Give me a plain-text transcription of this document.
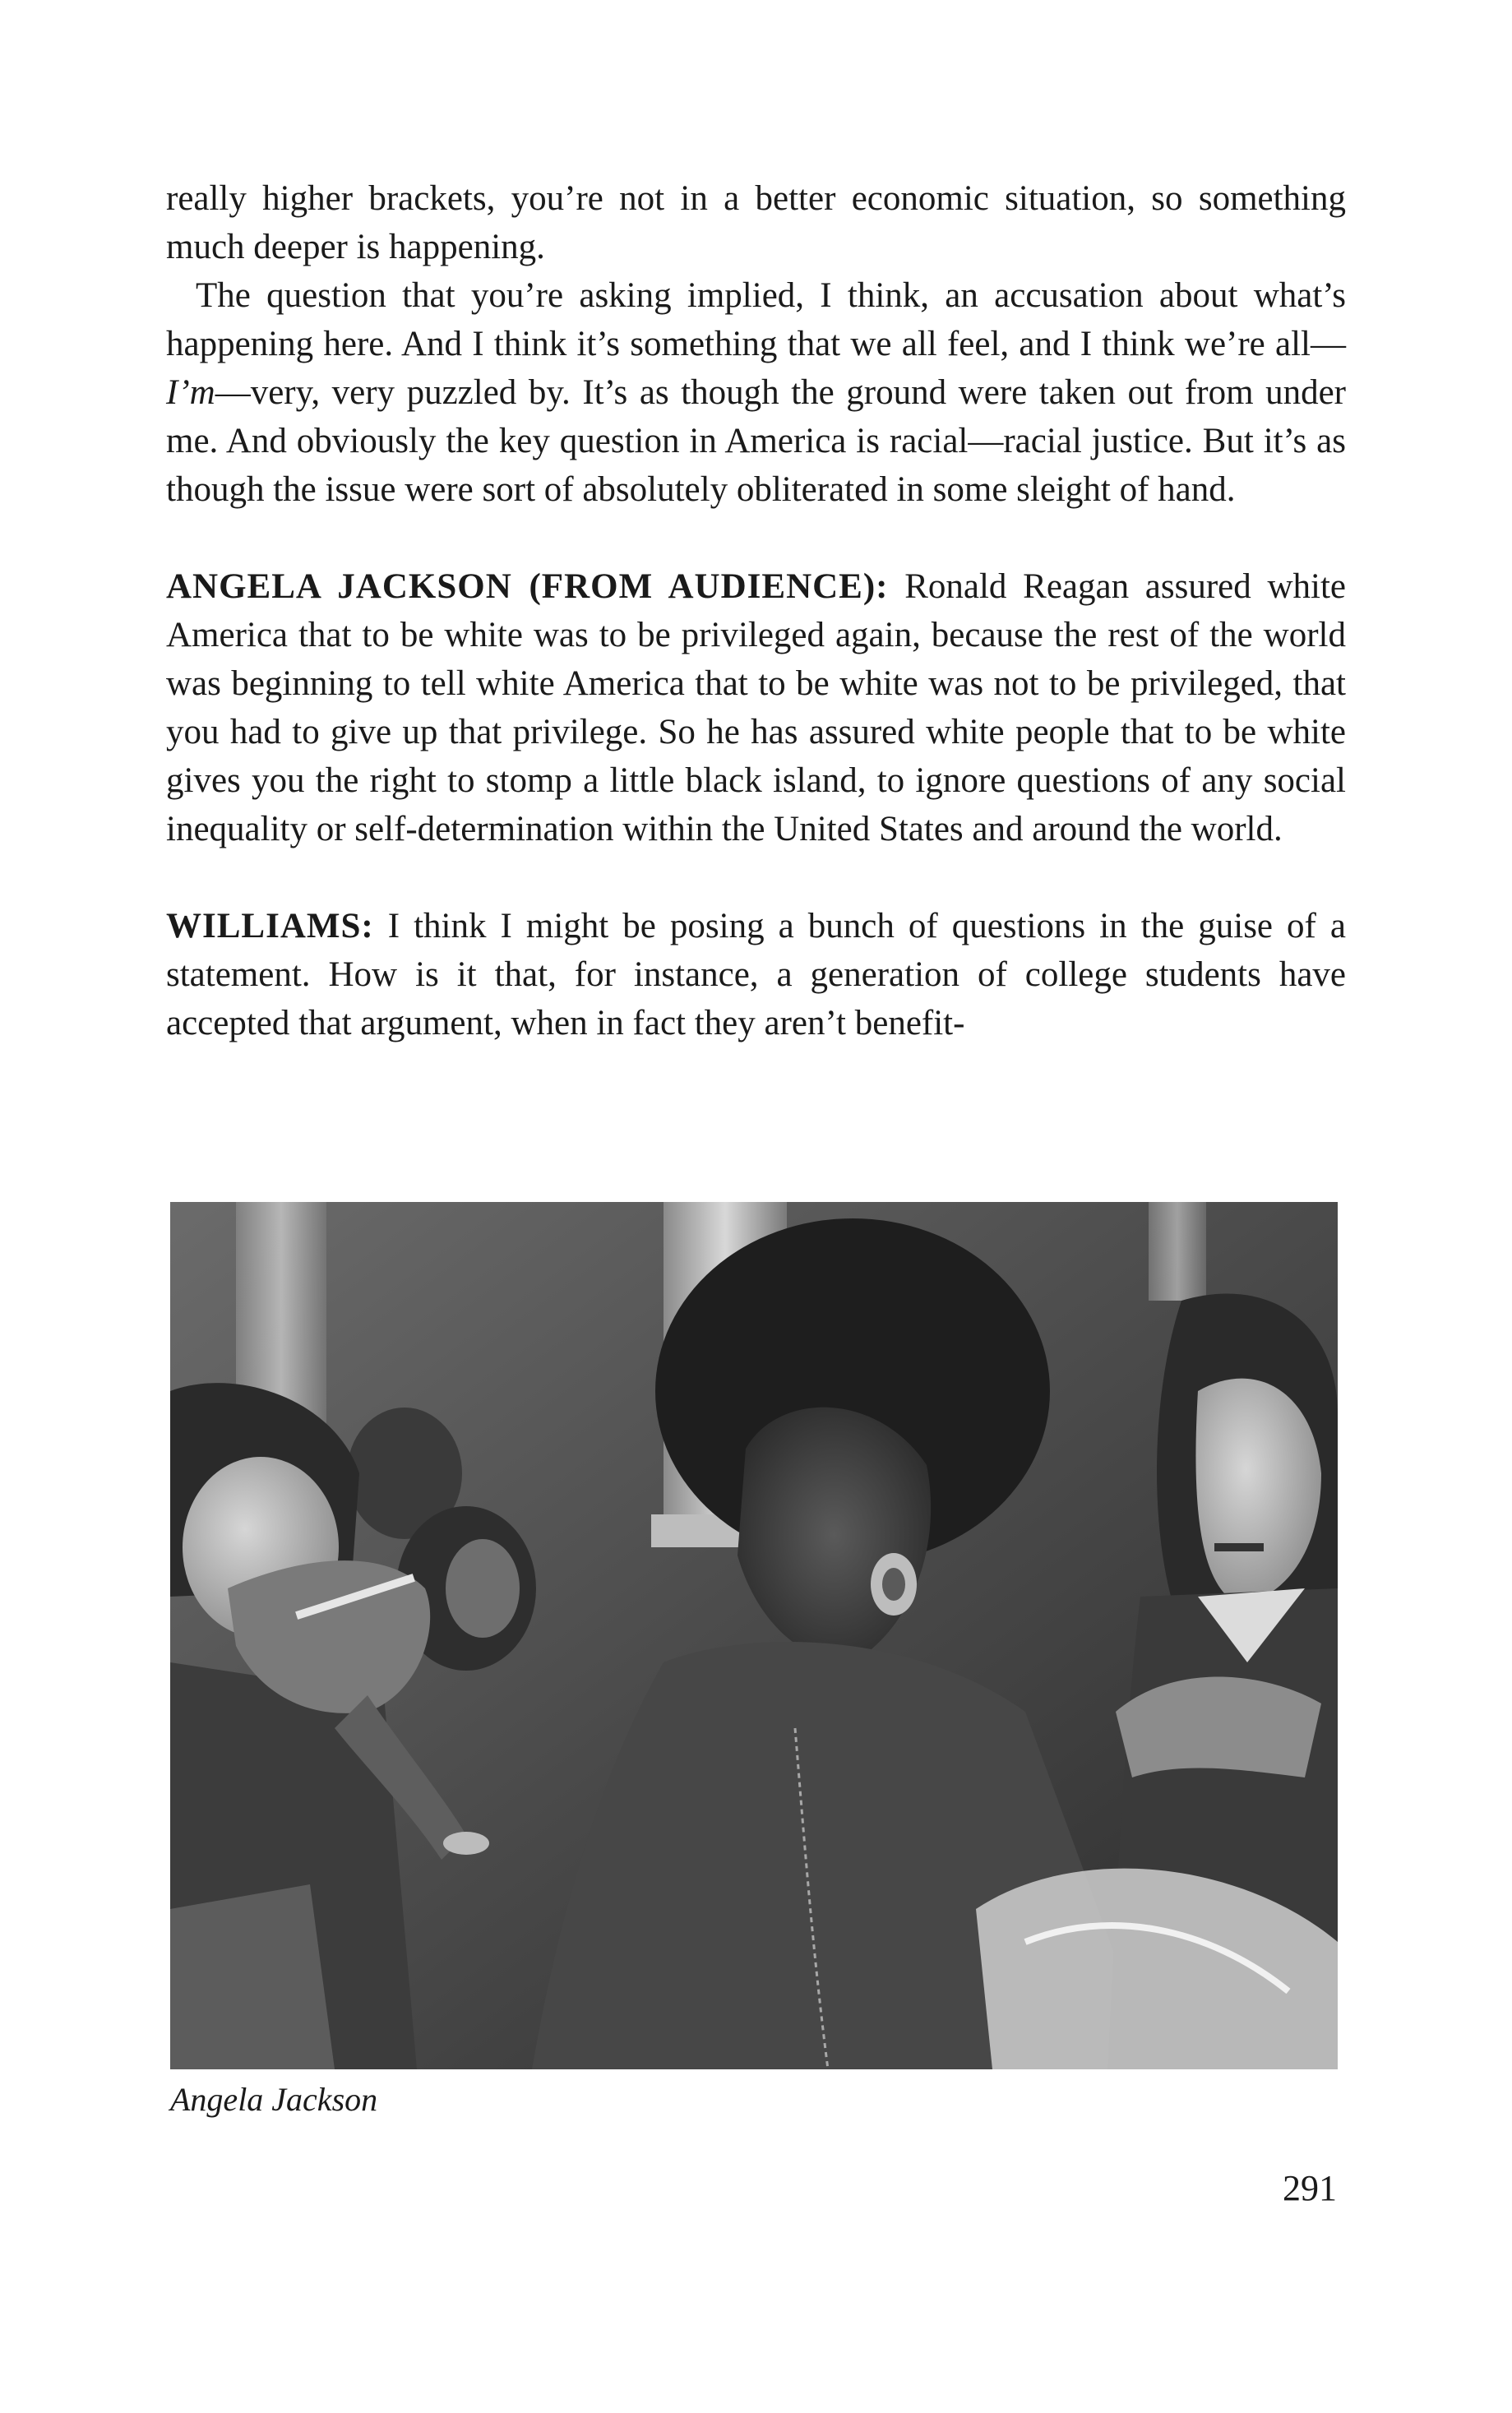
really higher brackets, you’re not in a better economic situation, so something much deeper is happening.

The question that you’re asking implied, I think, an accusation about what’s happening here. And I think it’s something that we all feel, and I think we’re all—I’m—very, very puzzled by. It’s as though the ground were taken out from under me. And obviously the key question in America is racial—racial justice. But it’s as though the issue were sort of absolutely obliterated in some sleight of hand.

ANGELA JACKSON (FROM AUDIENCE): Ronald Reagan assured white America that to be white was to be privileged again, because the rest of the world was beginning to tell white America that to be white was not to be privileged, that you had to give up that privilege. So he has assured white people that to be white gives you the right to stomp a little black island, to ignore questions of any social inequality or self-determination within the United States and around the world.

WILLIAMS: I think I might be posing a bunch of questions in the guise of a statement. How is it that, for instance, a generation of college students have accepted that argument, when in fact they aren’t benefit-

Angela Jackson
291
